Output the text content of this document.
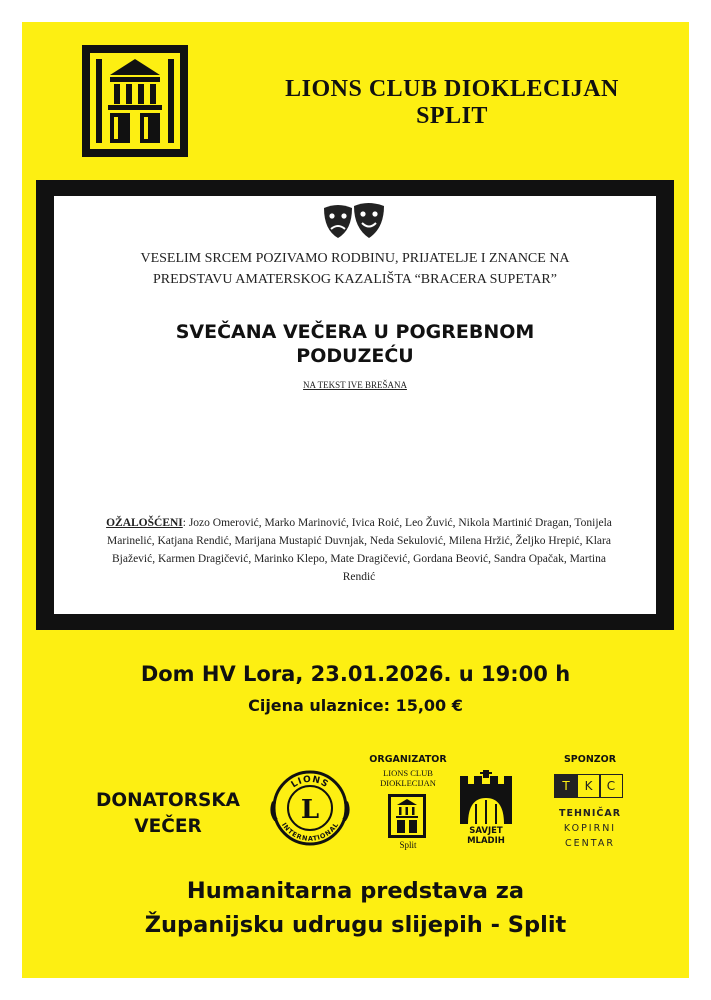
LIONS CLUB DIOKLECIJAN
SPLIT
VESELIM SRCEM POZIVAMO RODBINU, PRIJATELJE I ZNANCE NA
PREDSTAVU AMATERSKOG KAZALIŠTA “BRACERA SUPETAR”
SVEČANA VEČERA U POGREBNOM
PODUZEĆU
NA TEKST IVE BREŠANA
OŽALOŠĆENI: Jozo Omerović, Marko Marinović, Ivica Roić, Leo Žuvić, Nikola Martinić Dragan, Tonijela Marinelić, Katjana Rendić, Marijana Mustapić Duvnjak, Neda Sekulović, Milena Hržić, Željko Hrepić, Klara Bjažević, Karmen Dragičević, Marinko Klepo, Mate Dragičević, Gordana Beović, Sandra Opačak, Martina Rendić
Dom HV Lora, 23.01.2026. u 19:00 h
Cijena ulaznice: 15,00 €
DONATORSKA
VEČER
LIONS
INTERNATIONAL
L
ORGANIZATOR
LIONS CLUB
DIOKLECIJAN
Split
SAVJET
MLADIH
SPONZOR
T	K	C
TEHNIČAR
KOPIRNI
CENTAR
Humanitarna predstava za
Županijsku udrugu slijepih - Split
